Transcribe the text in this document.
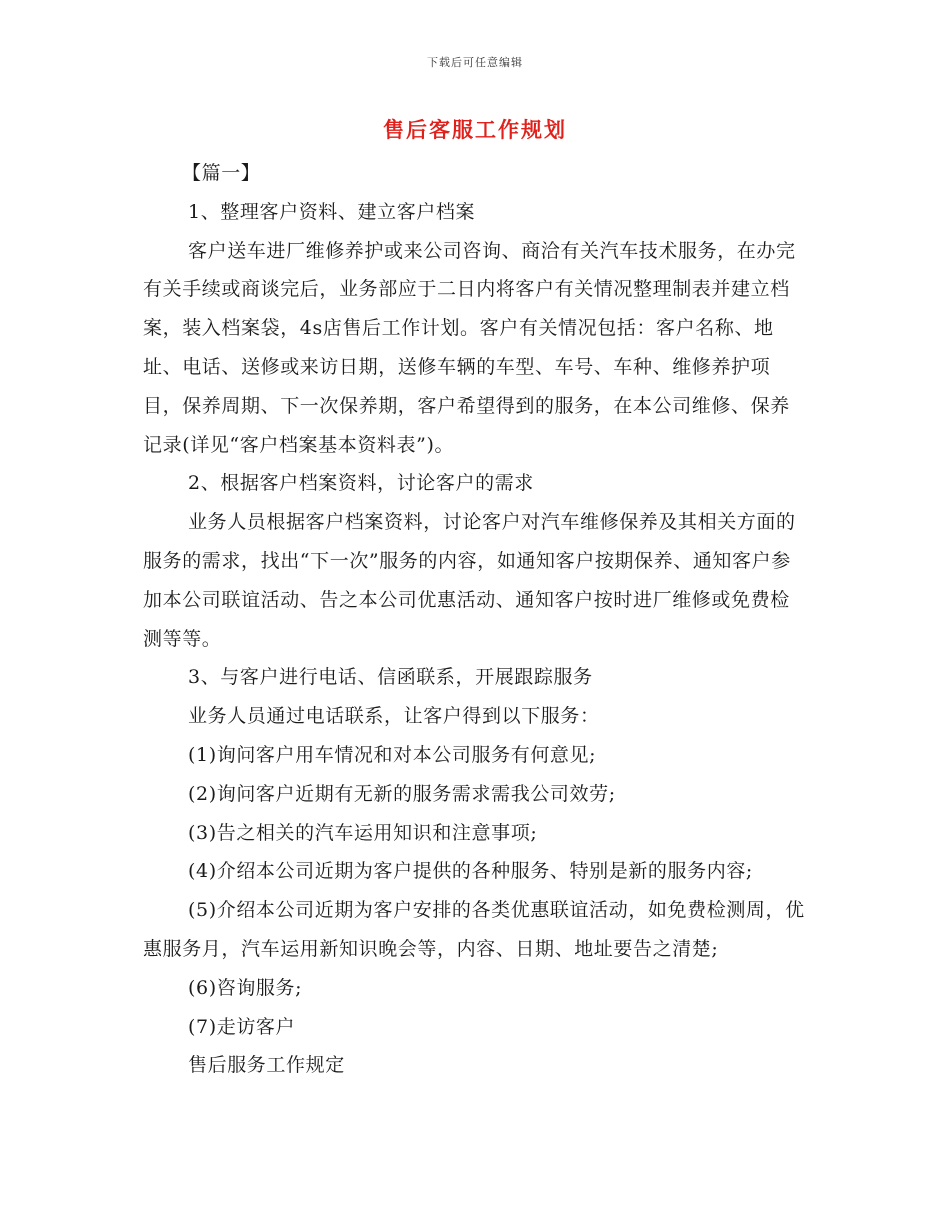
下载后可任意编辑
售后客服工作规划

【篇一】

1、整理客户资料、建立客户档案

客户送车进厂维修养护或来公司咨询、商洽有关汽车技术服务，在办完有关手续或商谈完后，业务部应于二日内将客户有关情况整理制表并建立档案，装入档案袋，4s店售后工作计划。客户有关情况包括：客户名称、地址、电话、送修或来访日期，送修车辆的车型、车号、车种、维修养护项目，保养周期、下一次保养期，客户希望得到的服务，在本公司维修、保养记录(详见“客户档案基本资料表”)。

2、根据客户档案资料，讨论客户的需求

业务人员根据客户档案资料，讨论客户对汽车维修保养及其相关方面的服务的需求，找出“下一次”服务的内容，如通知客户按期保养、通知客户参加本公司联谊活动、告之本公司优惠活动、通知客户按时进厂维修或免费检测等等。

3、与客户进行电话、信函联系，开展跟踪服务

业务人员通过电话联系，让客户得到以下服务：

(1)询问客户用车情况和对本公司服务有何意见;

(2)询问客户近期有无新的服务需求需我公司效劳;

(3)告之相关的汽车运用知识和注意事项;

(4)介绍本公司近期为客户提供的各种服务、特别是新的服务内容;

(5)介绍本公司近期为客户安排的各类优惠联谊活动，如免费检测周，优惠服务月，汽车运用新知识晚会等，内容、日期、地址要告之清楚;

(6)咨询服务;

(7)走访客户

售后服务工作规定
